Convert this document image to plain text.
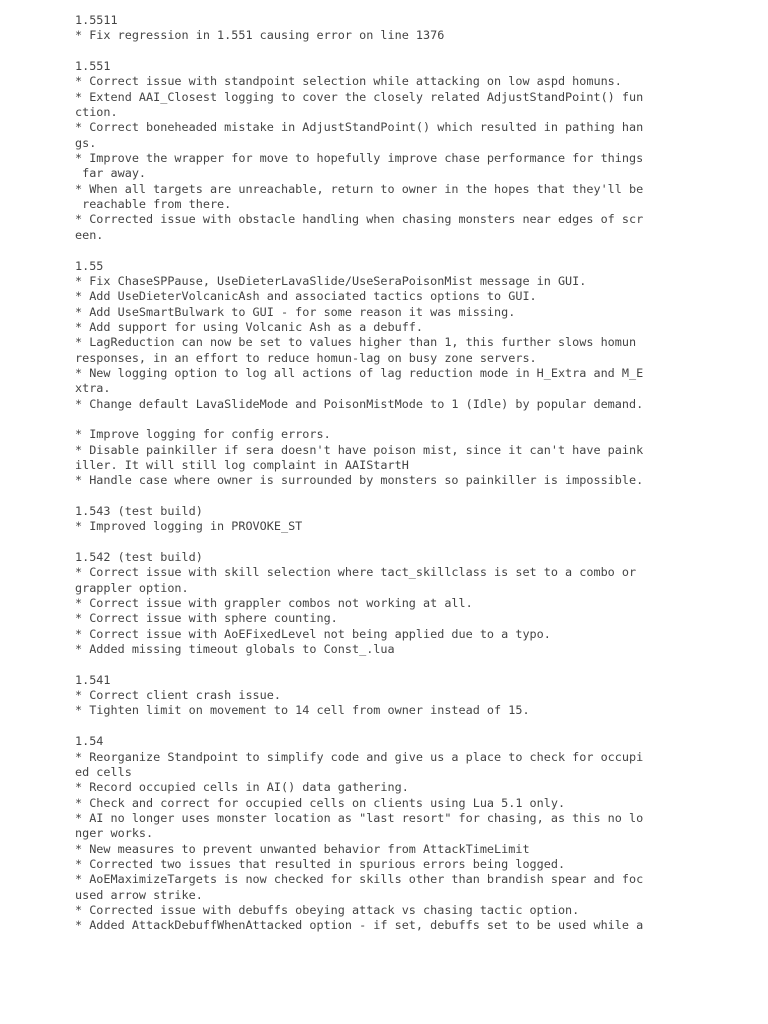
1.5511
* Fix regression in 1.551 causing error on line 1376
1.551
* Correct issue with standpoint selection while attacking on low aspd homuns.
* Extend AAI_Closest logging to cover the closely related AdjustStandPoint() fun
ction.
* Correct boneheaded mistake in AdjustStandPoint() which resulted in pathing han
gs.
* Improve the wrapper for move to hopefully improve chase performance for things
far away.
* When all targets are unreachable, return to owner in the hopes that they'll be
reachable from there.
* Corrected issue with obstacle handling when chasing monsters near edges of scr
een.
1.55
* Fix ChaseSPPause, UseDieterLavaSlide/UseSeraPoisonMist message in GUI.
* Add UseDieterVolcanicAsh and associated tactics options to GUI.
* Add UseSmartBulwark to GUI - for some reason it was missing.
* Add support for using Volcanic Ash as a debuff.
* LagReduction can now be set to values higher than 1, this further slows homun
responses, in an effort to reduce homun-lag on busy zone servers.
* New logging option to log all actions of lag reduction mode in H_Extra and M_E
xtra.
* Change default LavaSlideMode and PoisonMistMode to 1 (Idle) by popular demand.
* Improve logging for config errors.
* Disable painkiller if sera doesn't have poison mist, since it can't have paink
iller. It will still log complaint in AAIStartH
* Handle case where owner is surrounded by monsters so painkiller is impossible.
1.543 (test build)
* Improved logging in PROVOKE_ST
1.542 (test build)
* Correct issue with skill selection where tact_skillclass is set to a combo or
grappler option.
* Correct issue with grappler combos not working at all.
* Correct issue with sphere counting.
* Correct issue with AoEFixedLevel not being applied due to a typo.
* Added missing timeout globals to Const_.lua
1.541
* Correct client crash issue.
* Tighten limit on movement to 14 cell from owner instead of 15.
1.54
* Reorganize Standpoint to simplify code and give us a place to check for occupi
ed cells
* Record occupied cells in AI() data gathering.
* Check and correct for occupied cells on clients using Lua 5.1 only.
* AI no longer uses monster location as "last resort" for chasing, as this no lo
nger works.
* New measures to prevent unwanted behavior from AttackTimeLimit
* Corrected two issues that resulted in spurious errors being logged.
* AoEMaximizeTargets is now checked for skills other than brandish spear and foc
used arrow strike.
* Corrected issue with debuffs obeying attack vs chasing tactic option.
* Added AttackDebuffWhenAttacked option - if set, debuffs set to be used while a
